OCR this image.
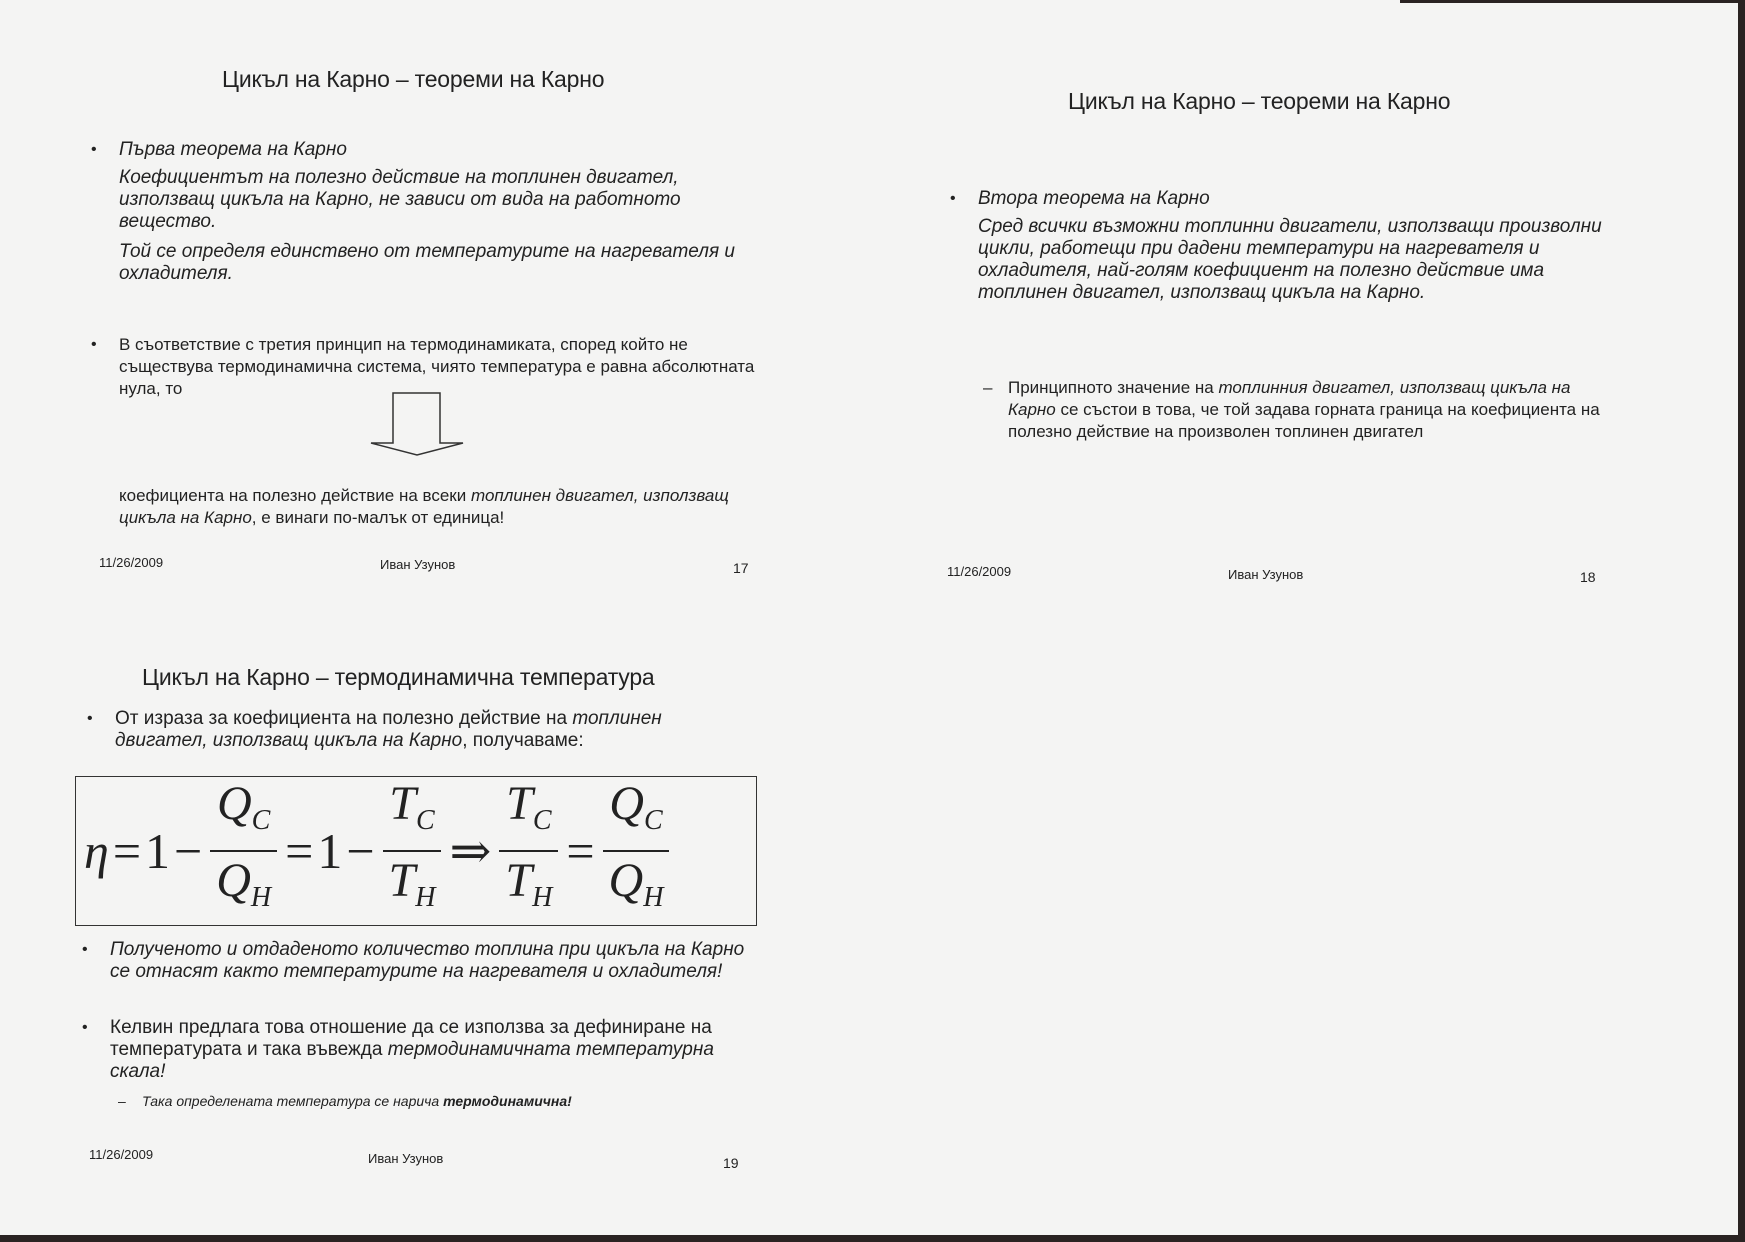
Цикъл на Карно – теореми на Карно
• Първа теорема на Карно

Коефициентът на полезно действие на топлинен двигател, използващ цикъла на Карно, не зависи от вида на работното вещество.

Той се определя единствено от температурите на нагревателя и охладителя.

• В съответствие с третия принцип на термодинамиката, според който не съществува термодинамична система, чиято температура е равна абсолютната нула, то

коефициента на полезно действие на всеки топлинен двигател, използващ цикъла на Карно, е винаги по-малък от единица!
11/26/2009	Иван Узунов	17
Цикъл на Карно – теореми на Карно
• Втора теорема на Карно

Сред всички възможни топлинни двигатели, използващи произволни цикли, работещи при дадени температури на нагревателя и охладителя, най-голям коефициент на полезно действие има топлинен двигател, използващ цикъла на Карно.

– Принципното значение на топлинния двигател, използващ цикъла на Карно се състои в това, че той задава горната граница на коефициента на полезно действие на произволен топлинен двигател
11/26/2009	Иван Узунов	18
Цикъл на Карно – термодинамична температура
• От израза за коефициента на полезно действие на топлинен двигател, използващ цикъла на Карно, получаваме:
$\eta = 1 - \frac{Q_C}{Q_H} = 1 - \frac{T_C}{T_H}$ ⇒ $\frac{T_C}{T_H} = \frac{Q_C}{Q_H}$
• Полученото и отдаденото количество топлина при цикъла на Карно се отнасят както температурите на нагревателя и охладителя!

• Келвин предлага това отношение да се използва за дефиниране на температурата и така въвежда термодинамичната температурна скала!
– Така определената температура се нарича термодинамична!
11/26/2009	Иван Узунов	19
